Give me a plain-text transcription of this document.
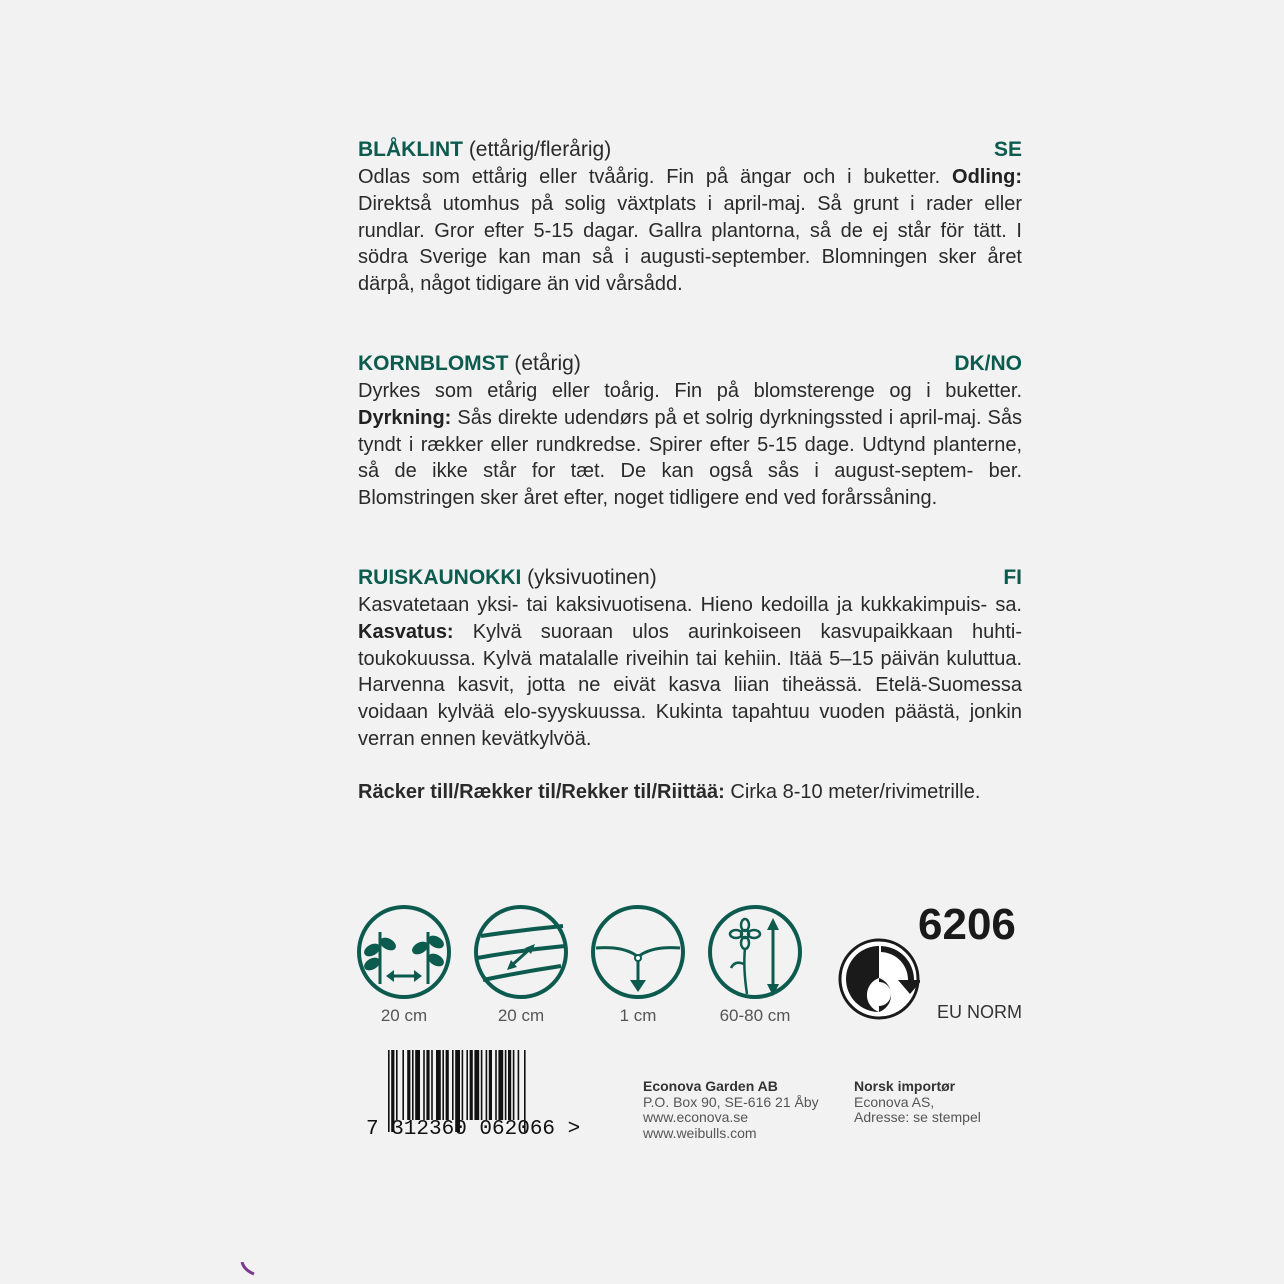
BLÅKLINT (ettårig/flerårig)	SE

Odlas som ettårig eller tvåårig. Fin på ängar och i buketter. Odling: Direktså utomhus på solig växtplats i april-maj. Så grunt i rader eller rundlar. Gror efter 5-15 dagar. Gallra plantorna, så de ej står för tätt. I södra Sverige kan man så i augusti-september. Blomningen sker året därpå, något tidigare än vid vårsådd.

KORNBLOMST (etårig)	DK/NO

Dyrkes som etårig eller toårig. Fin på blomsterenge og i buketter. Dyrkning: Sås direkte udendørs på et solrig dyrkningssted i april-maj. Sås tyndt i rækker eller rundkredse. Spirer efter 5-15 dage. Udtynd planterne, så de ikke står for tæt. De kan også sås i august-septem- ber. Blomstringen sker året efter, noget tidligere end ved forårssåning.

RUISKAUNOKKI (yksivuotinen)	FI

Kasvatetaan yksi- tai kaksivuotisena. Hieno kedoilla ja kukkakimpuis- sa. Kasvatus: Kylvä suoraan ulos aurinkoiseen kasvupaikkaan huhti-toukokuussa. Kylvä matalalle riveihin tai kehiin. Itää 5–15 päivän kuluttua. Harvenna kasvit, jotta ne eivät kasva liian tiheässä. Etelä-Suomessa voidaan kylvää elo-syyskuussa. Kukinta tapahtuu vuoden päästä, jonkin verran ennen kevätkylvöä.

Räcker till/Rækker til/Rekker til/Riittää: Cirka 8-10 meter/rivimetrille.
20 cm	20 cm	1 cm	60-80 cm
6206
EU NORM
7 312360 062066 >
Econova Garden AB
P.O. Box 90, SE-616 21 Åby
www.econova.se
www.weibulls.com
Norsk importør
Econova AS,
Adresse: se stempel
